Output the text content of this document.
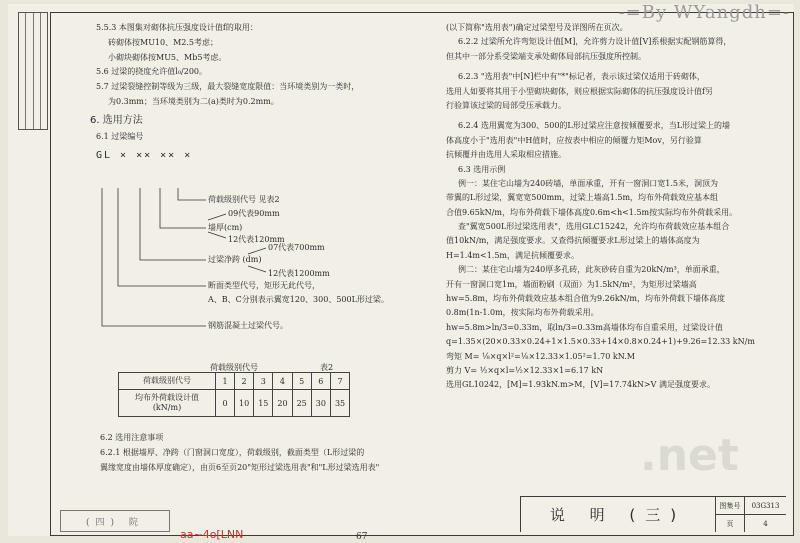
-=By WYangdh=-
.net

5.5.3 本图集对砌体抗压强度设计值f的取用：

砖砌体按MU10、M2.5考虑；

小砌块砌体按MU5、Mb5考虑。

5.6 过梁的挠度允许值l₀/200。

5.7 过梁裂缝控制等级为三级，最大裂缝宽度限值：当环境类别为一类时，

为0.3mm；当环境类别为二(a)类时为0.2mm。

6. 选用方法

6.1 过梁编号

GL × ×× ×× ×

荷载级别代号 见表2
09代表90mm
墙厚(cm)
12代表120mm
07代表700mm
过梁净跨 (dm)
12代表1200mm
断面类型代号，矩形无此代号，
A、B、C分别表示翼宽120、300、500L形过梁。
钢筋混凝土过梁代号。
荷载级别代号	表2
荷载级别代号	1	2	3	4	5	6	7
均布外荷载设计值 (kN/m)	0	10	15	20	25	30	35

6.2 选用注意事项

6.2.1 根据墙厚、净跨（门窗洞口宽度），荷载级别，截面类型（L形过梁的

翼缘宽度由墙体厚度确定），由页6至页20"矩形过梁选用表"和"L形过梁选用表"

(以下简称"选用表")确定过梁型号及详图所在页次。

6.2.2 过梁所允许弯矩设计值[M]，允许剪力设计值[V]系根据实配钢筋算得，

但其中一部分系受梁端支承处砌体局部抗压强度所控制。

6.2.3 "选用表"中[N]栏中有"*"标记者，表示该过梁仅适用于砖砌体，

选用人如要将其用于小型砌块砌体，则应根据实际砌体的抗压强度设计值f另

行验算该过梁的局部受压承载力。

6.2.4 选用翼宽为300、500的L形过梁应注意按倾覆要求，当L形过梁上的墙

体高度小于"选用表"中H值时，应按表中相应的倾覆力矩Mov，另行验算

抗倾覆并由选用人采取相应措施。

6.3 选用示例

例一：某住宅山墙为240砖墙，单面承重，开有一窗洞口宽1.5米，洞顶为

带翼的L形过梁，翼宽宽500mm，过梁上墙高1.5m，均布外荷载效应基本组

合值9.65kN/m，均布外荷载下墙体高度0.6m<h<1.5m按实际均布外荷载采用。

查"翼宽500L形过梁选用表"，选用GLC15242，允许均布荷载效应基本组合

值10kN/m，满足强度要求。又查得抗倾覆要求L形过梁上的墙体高度为

H=1.4m<1.5m，满足抗倾覆要求。

例二：某住宅山墙为240厚多孔砖，此灰砂砖自重为20kN/m³，单面承重，

开有一窗洞口宽1m，墙面粉刷（双面）为1.5kN/m²，为矩形过梁墙高

hw=5.8m，均布外荷载效应基本组合值为9.26kN/m，均布外荷载下墙体高度

0.8m(1n-1.0m，按实际均布外荷载采用。

hw=5.8m>ln/3=0.33m，取ln/3=0.33m高墙体均布自重采用，过梁设计值

q=1.35×(20×0.33×0.24+1×1.5×0.33+14×0.8×0.24+1)+9.26=12.33 kN/m

弯矩 M= ⅛×q×l²=⅛×12.33×1.05²=1.70 kN.M

剪力 V= ½×q×l=½×12.33×1=6.17 kN

选用GL10242，[M]=1.93kN.m>M，[V]=17.74kN>V 满足强度要求。

说 明 (三)
图集号	03G313
页	4
(四) 院
aa~4o[LNN	67
